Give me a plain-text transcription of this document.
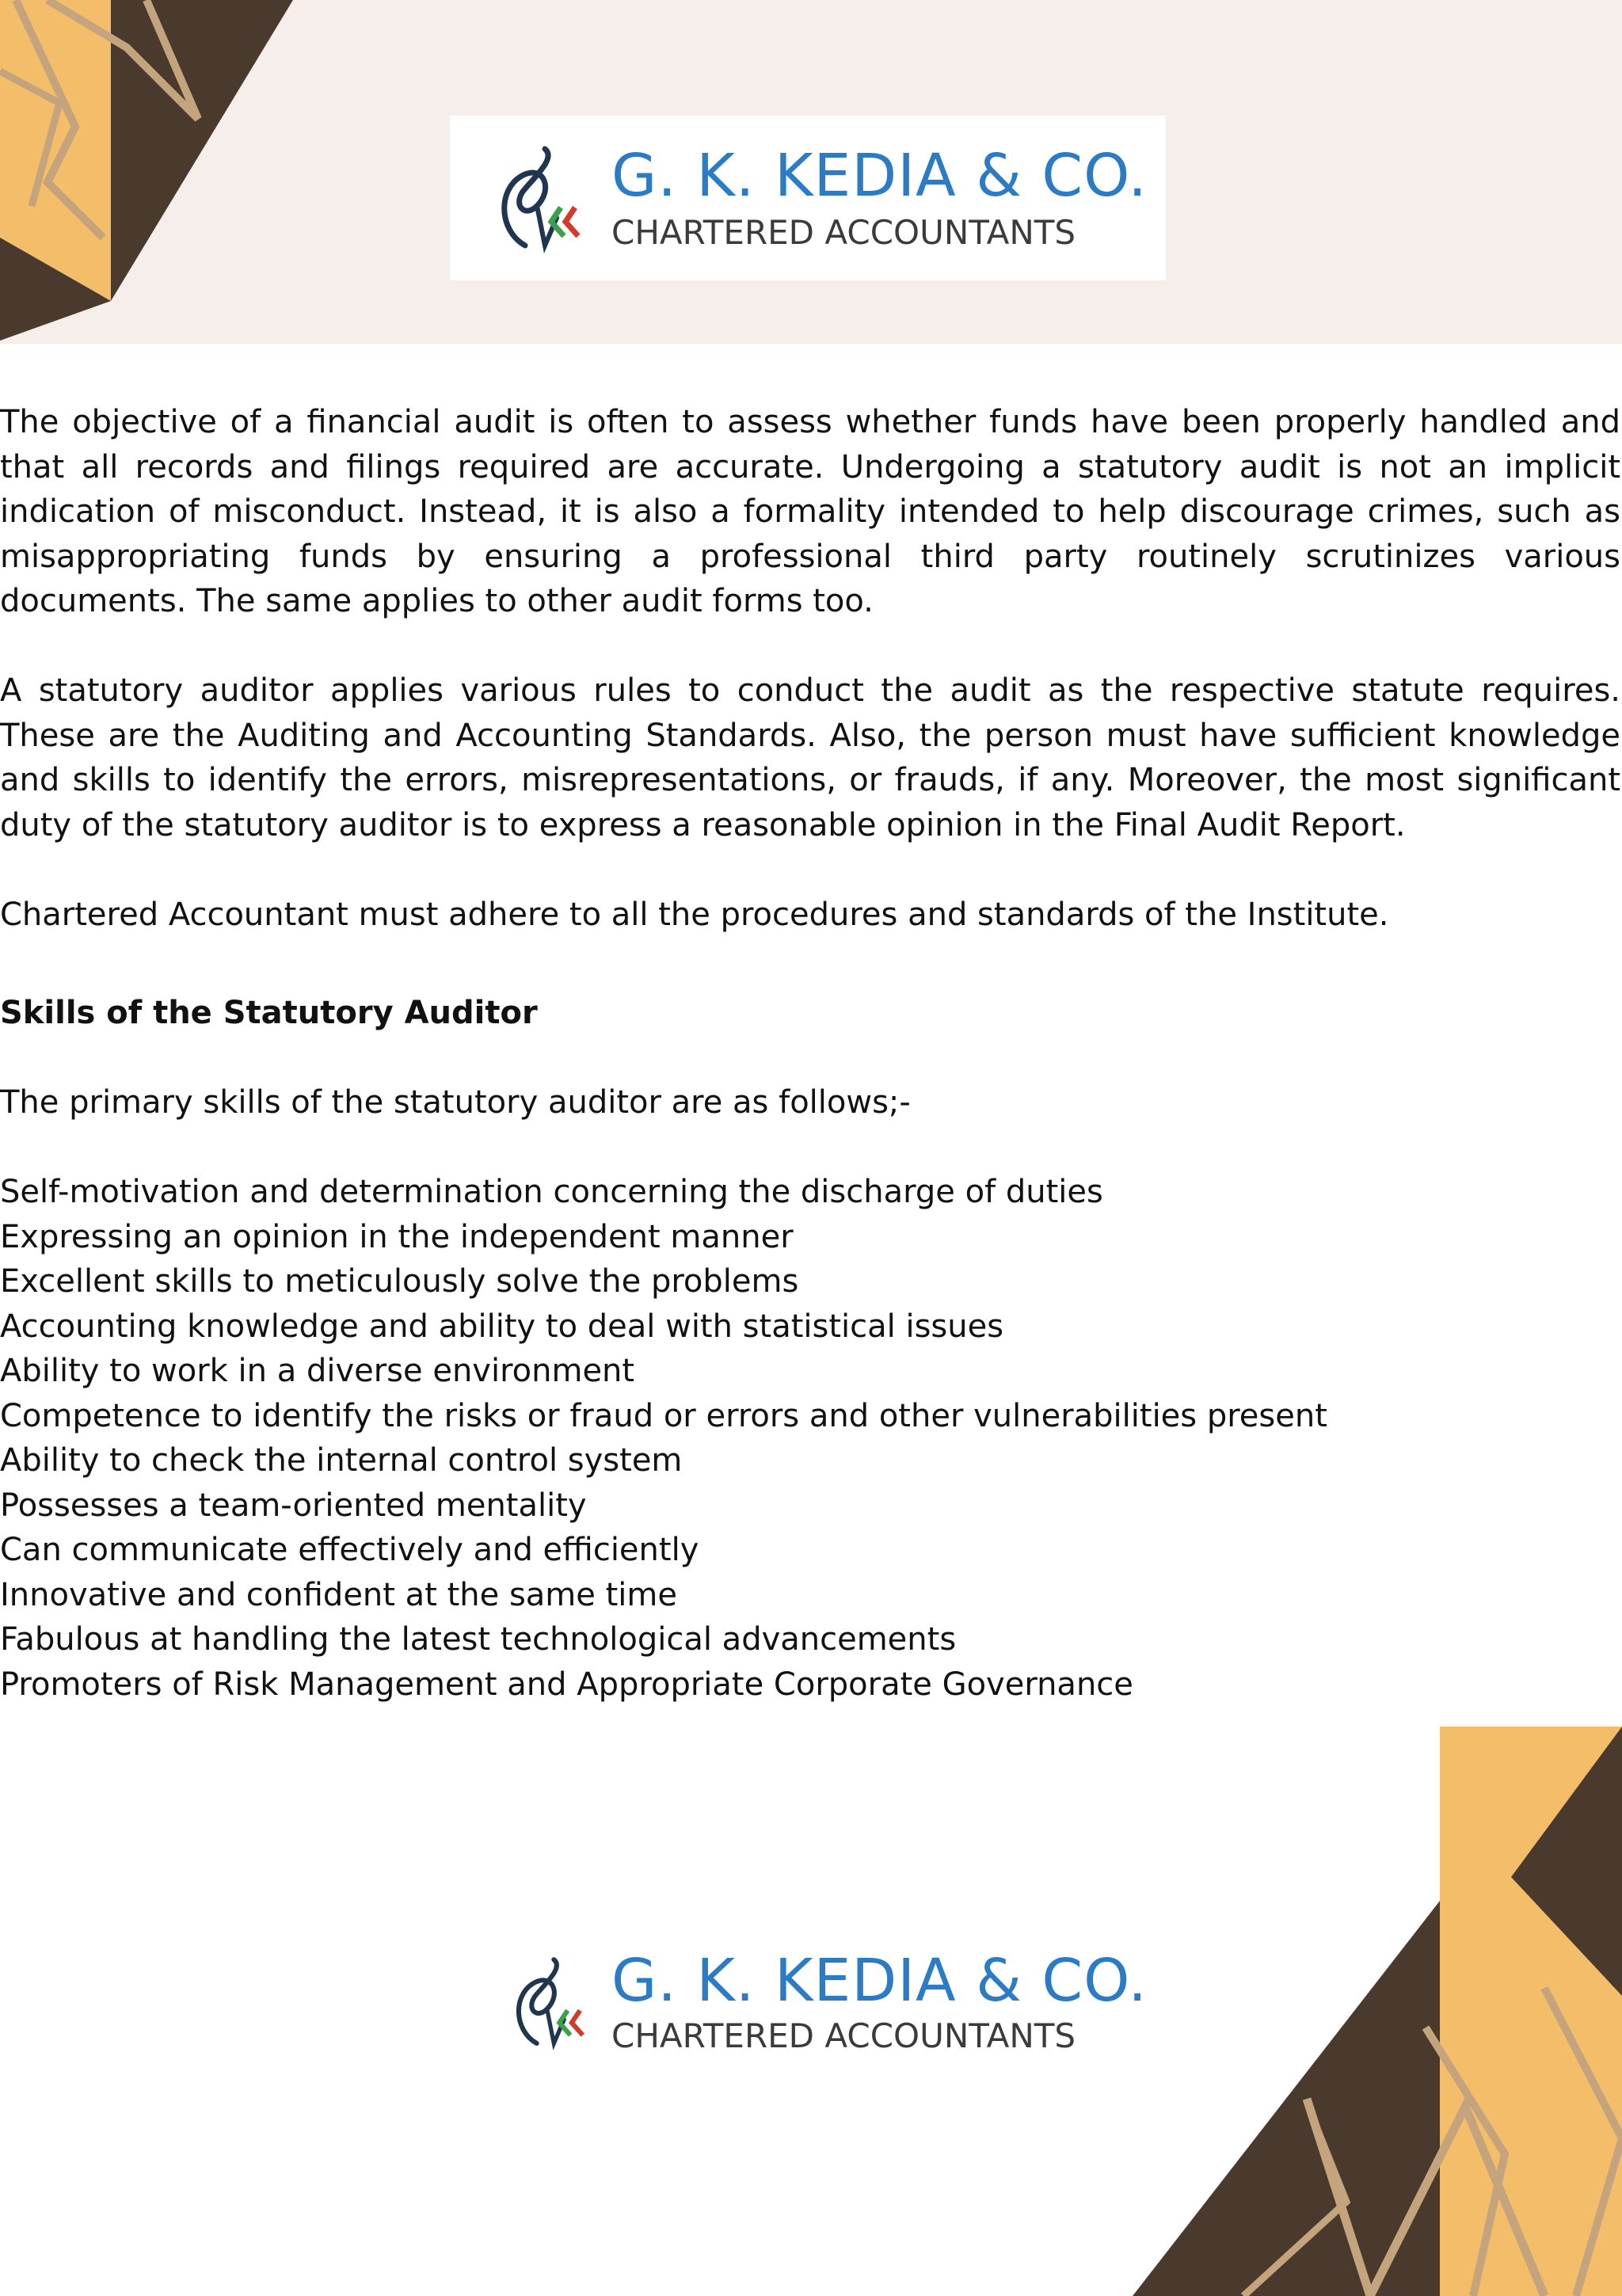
G. K. KEDIA & CO.
CHARTERED ACCOUNTANTS

The objective of a financial audit is often to assess whether funds have been properly handled and that all records and filings required are accurate. Undergoing a statutory audit is not an implicit indication of misconduct. Instead, it is also a formality intended to help discourage crimes, such as misappropriating funds by ensuring a professional third party routinely scrutinizes various documents. The same applies to other audit forms too.

A statutory auditor applies various rules to conduct the audit as the respective statute requires. These are the Auditing and Accounting Standards. Also, the person must have sufficient knowledge and skills to identify the errors, misrepresentations, or frauds, if any. Moreover, the most significant duty of the statutory auditor is to express a reasonable opinion in the Final Audit Report.

Chartered Accountant must adhere to all the procedures and standards of the Institute.

Skills of the Statutory Auditor
The primary skills of the statutory auditor are as follows;-
Self-motivation and determination concerning the discharge of duties
Expressing an opinion in the independent manner
Excellent skills to meticulously solve the problems
Accounting knowledge and ability to deal with statistical issues
Ability to work in a diverse environment
Competence to identify the risks or fraud or errors and other vulnerabilities present
Ability to check the internal control system
Possesses a team-oriented mentality
Can communicate effectively and efficiently
Innovative and confident at the same time
Fabulous at handling the latest technological advancements
Promoters of Risk Management and Appropriate Corporate Governance
G. K. KEDIA & CO.
CHARTERED ACCOUNTANTS
